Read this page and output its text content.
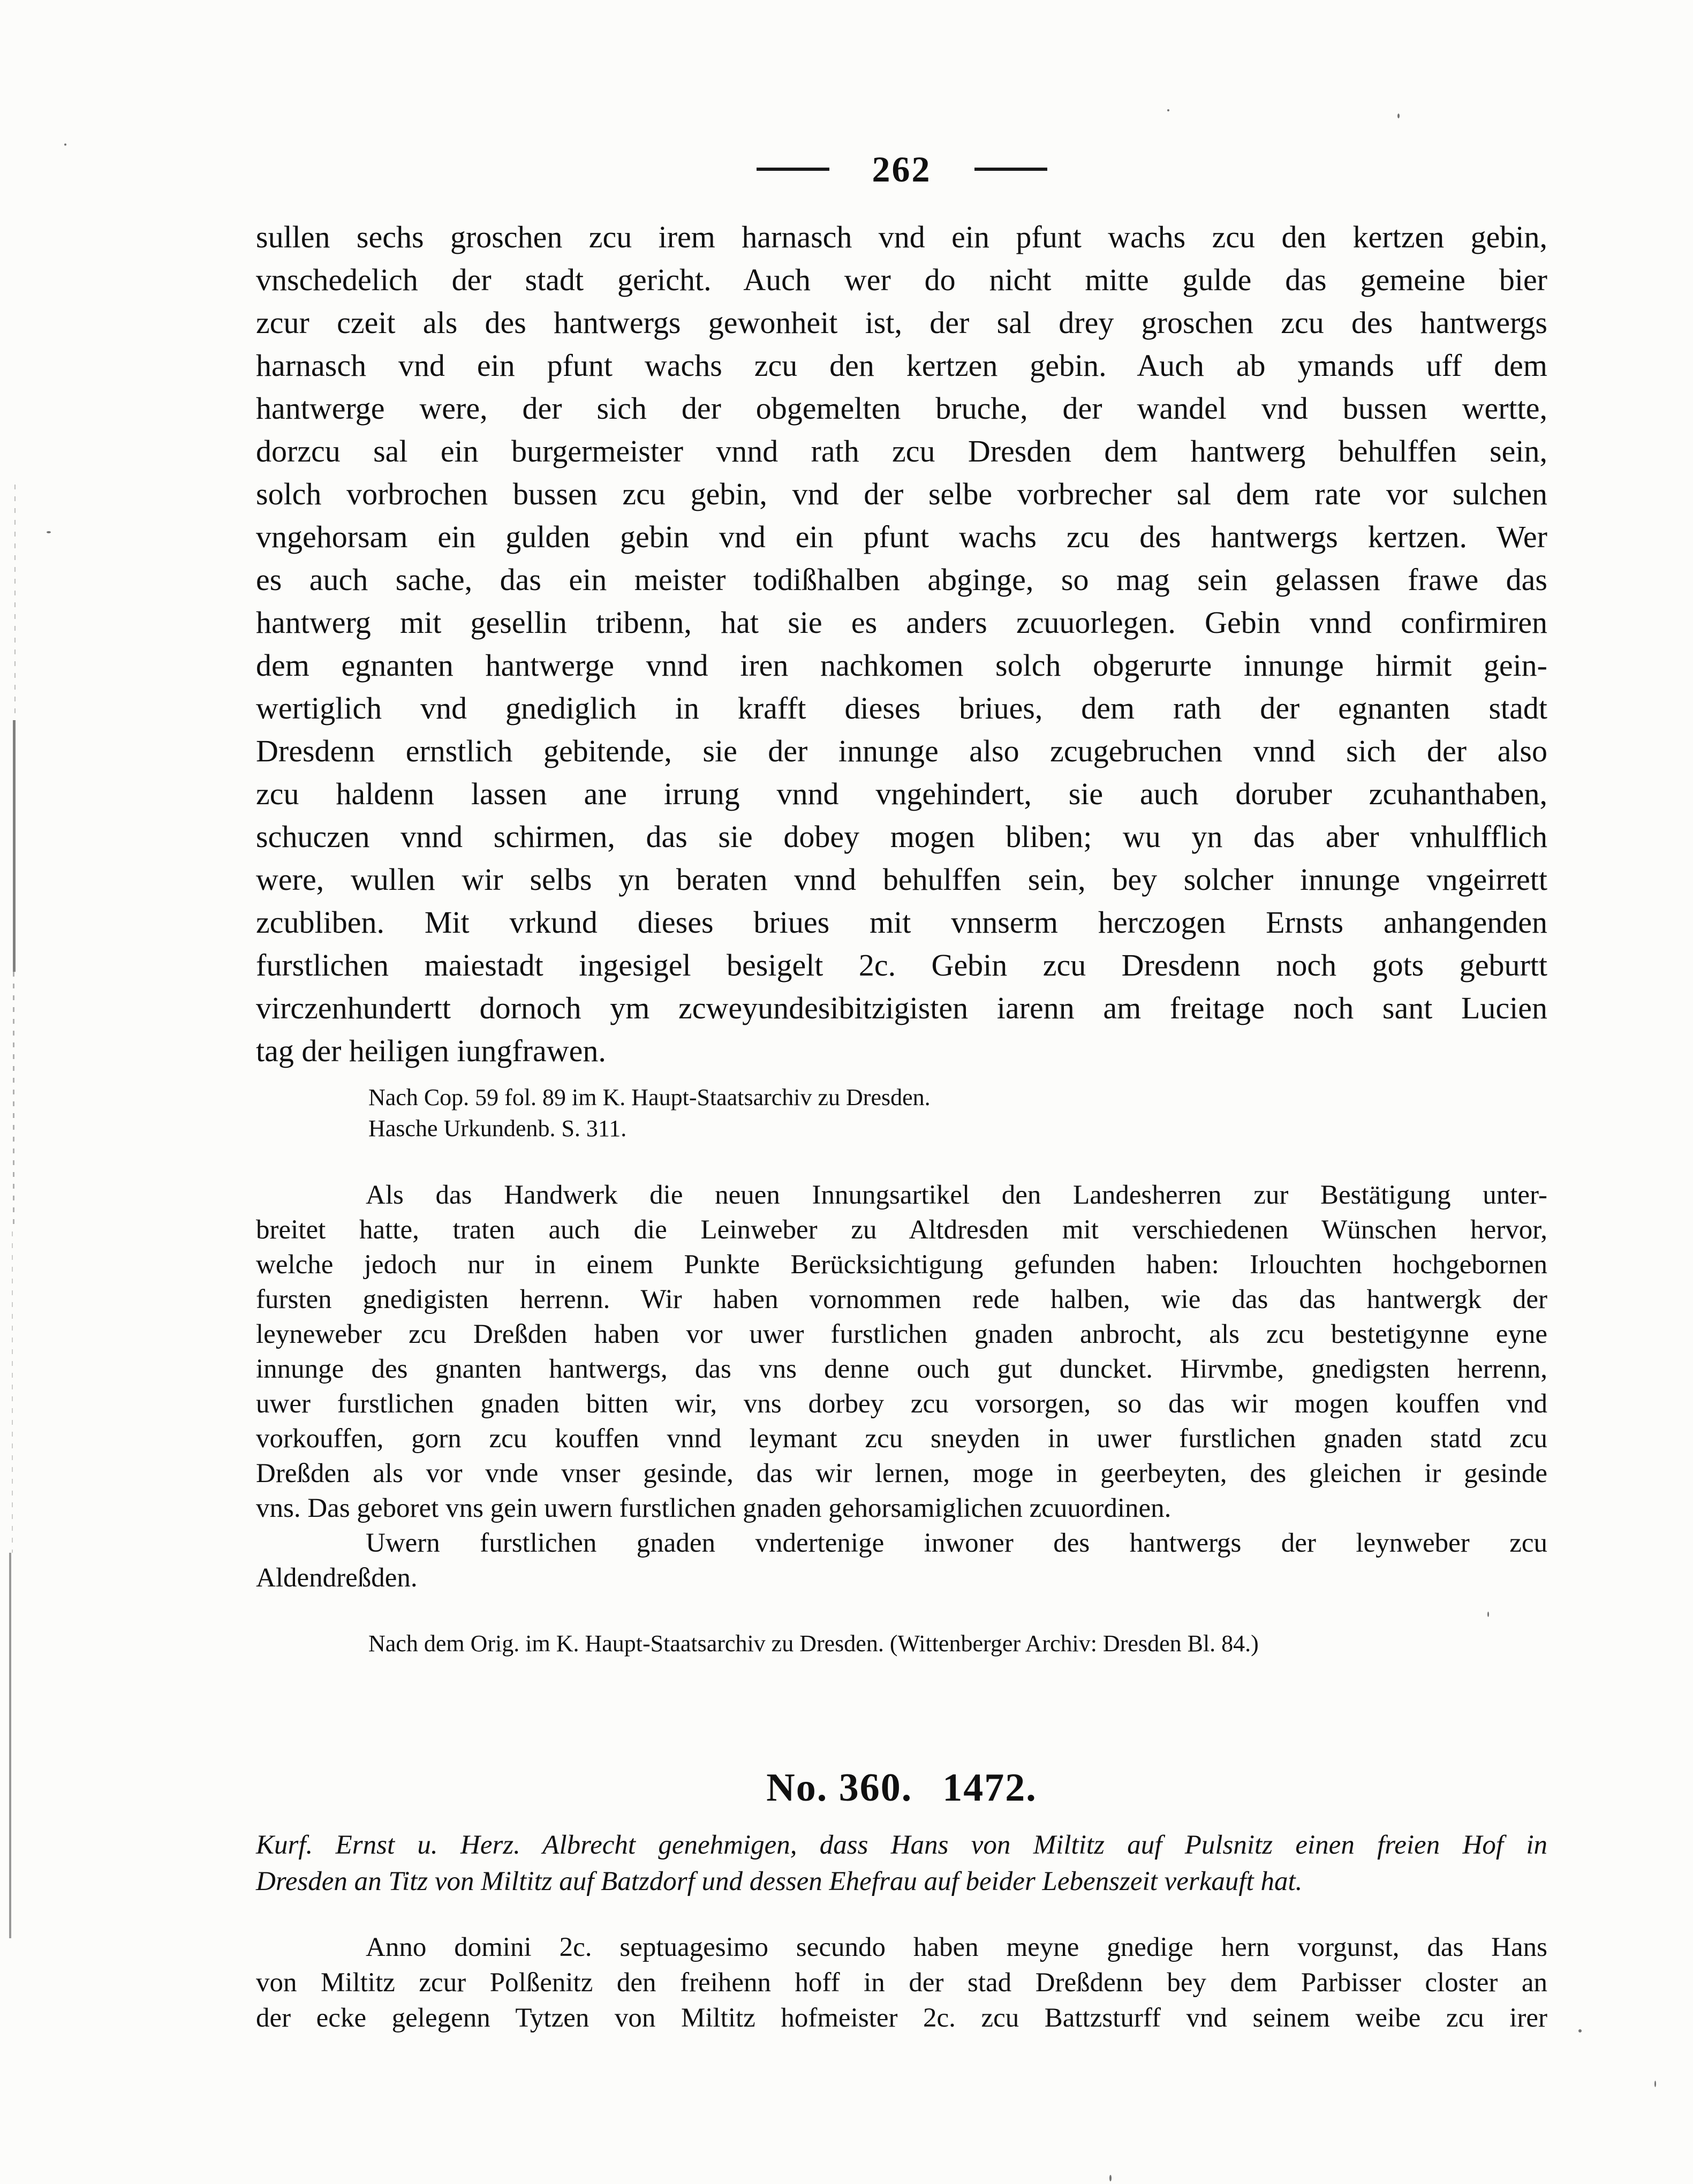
262
sullen sechs groschen zcu irem harnasch vnd ein pfunt wachs zcu den kertzen gebin,
vnschedelich der stadt gericht. Auch wer do nicht mitte gulde das gemeine bier
zcur czeit als des hantwergs gewonheit ist, der sal drey groschen zcu des hantwergs
harnasch vnd ein pfunt wachs zcu den kertzen gebin. Auch ab ymands uff dem
hantwerge were, der sich der obgemelten bruche, der wandel vnd bussen wertte,
dorzcu sal ein burgermeister vnnd rath zcu Dresden dem hantwerg behulffen sein,
solch vorbrochen bussen zcu gebin, vnd der selbe vorbrecher sal dem rate vor sulchen
vngehorsam ein gulden gebin vnd ein pfunt wachs zcu des hantwergs kertzen. Wer
es auch sache, das ein meister todißhalben abginge, so mag sein gelassen frawe das
hantwerg mit gesellin tribenn, hat sie es anders zcuuorlegen. Gebin vnnd confirmiren
dem egnanten hantwerge vnnd iren nachkomen solch obgerurte innunge hirmit gein-
wertiglich vnd gnediglich in krafft dieses briues, dem rath der egnanten stadt
Dresdenn ernstlich gebitende, sie der innunge also zcugebruchen vnnd sich der also
zcu haldenn lassen ane irrung vnnd vngehindert, sie auch doruber zcuhanthaben,
schuczen vnnd schirmen, das sie dobey mogen bliben; wu yn das aber vnhulfflich
were, wullen wir selbs yn beraten vnnd behulffen sein, bey solcher innunge vngeirrett
zcubliben. Mit vrkund dieses briues mit vnnserm herczogen Ernsts anhangenden
furstlichen maiestadt ingesigel besigelt 2c. Gebin zcu Dresdenn noch gots geburtt
virczenhundertt dornoch ym zcweyundesibitzigisten iarenn am freitage noch sant Lucien
tag der heiligen iungfrawen.
Nach Cop. 59 fol. 89 im K. Haupt-Staatsarchiv zu Dresden.
Hasche Urkundenb. S. 311.
Als das Handwerk die neuen Innungsartikel den Landesherren zur Bestätigung unter-
breitet hatte, traten auch die Leinweber zu Altdresden mit verschiedenen Wünschen hervor,
welche jedoch nur in einem Punkte Berücksichtigung gefunden haben: Irlouchten hochgebornen
fursten gnedigisten herrenn. Wir haben vornommen rede halben, wie das das hantwergk der
leyneweber zcu Dreßden haben vor uwer furstlichen gnaden anbrocht, als zcu bestetigynne eyne
innunge des gnanten hantwergs, das vns denne ouch gut duncket. Hirvmbe, gnedigsten herrenn,
uwer furstlichen gnaden bitten wir, vns dorbey zcu vorsorgen, so das wir mogen kouffen vnd
vorkouffen, gorn zcu kouffen vnnd leymant zcu sneyden in uwer furstlichen gnaden statd zcu
Dreßden als vor vnde vnser gesinde, das wir lernen, moge in geerbeyten, des gleichen ir gesinde
vns. Das geboret vns gein uwern furstlichen gnaden gehorsamiglichen zcuuordinen.
Uwern furstlichen gnaden vndertenige inwoner des hantwergs der leynweber zcu
Aldendreßden.
Nach dem Orig. im K. Haupt-Staatsarchiv zu Dresden. (Wittenberger Archiv: Dresden Bl. 84.)
No. 360. 1472.
Kurf. Ernst u. Herz. Albrecht genehmigen, dass Hans von Miltitz auf Pulsnitz einen freien Hof in
Dresden an Titz von Miltitz auf Batzdorf und dessen Ehefrau auf beider Lebenszeit verkauft hat.
Anno domini 2c. septuagesimo secundo haben meyne gnedige hern vorgunst, das Hans
von Miltitz zcur Polßenitz den freihenn hoff in der stad Dreßdenn bey dem Parbisser closter an
der ecke gelegenn Tytzen von Miltitz hofmeister 2c. zcu Battzsturff vnd seinem weibe zcu irer
